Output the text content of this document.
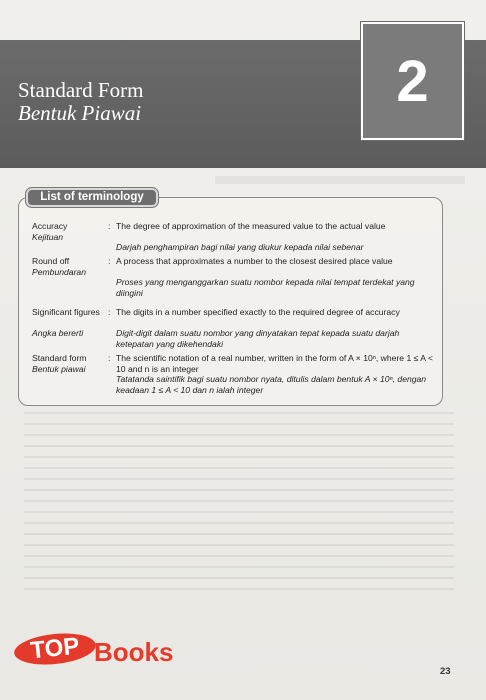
Standard Form
Bentuk Piawai	2
List of terminology
Accuracy
Kejituan
: The degree of approximation of the measured value to the actual value
Darjah penghampiran bagi nilai yang diukur kepada nilai sebenar
Round off
Pembundaran
: A process that approximates a number to the closest desired place value
Proses yang menganggarkan suatu nombor kepada nilai tempat terdekat yang diingini
Significant figures
Angka bererti
: The digits in a number specified exactly to the required degree of accuracy
Digit-digit dalam suatu nombor yang dinyatakan tepat kepada suatu darjah ketepatan yang dikehendaki
Standard form
Bentuk piawai
: The scientific notation of a real number, written in the form of A × 10ⁿ, where 1 ≤ A < 10 and n is an integer
Tatatanda saintifik bagi suatu nombor nyata, ditulis dalam bentuk A × 10ⁿ, dengan keadaan 1 ≤ A < 10 dan n ialah integer
TOP Books
23
